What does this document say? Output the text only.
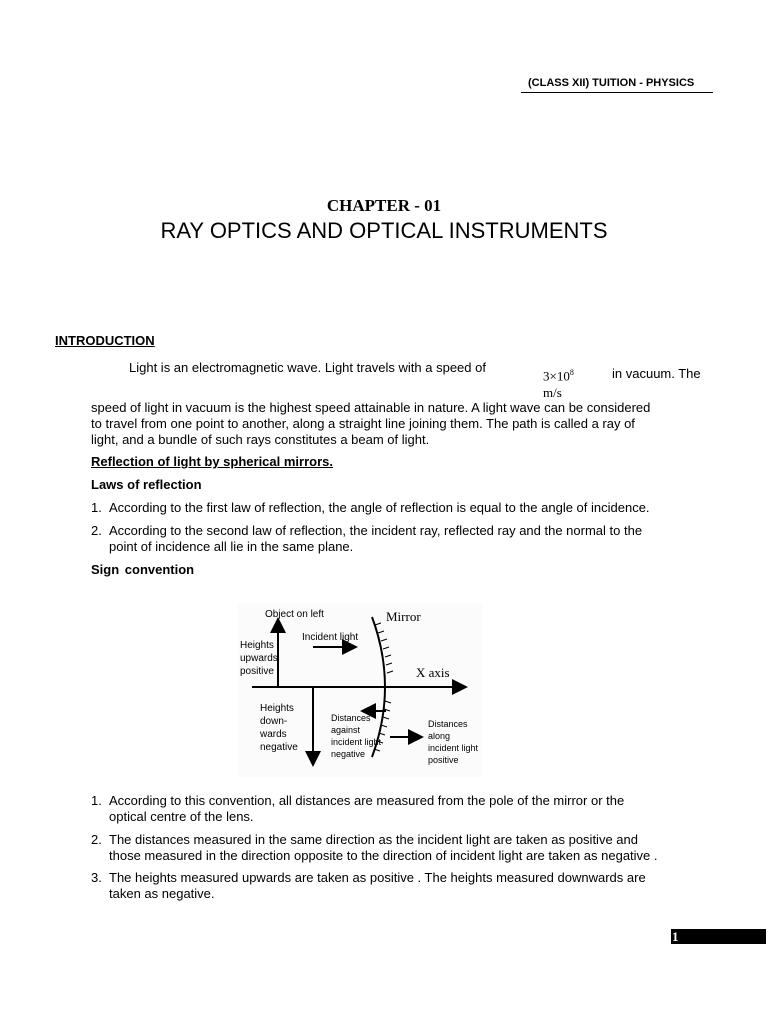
(CLASS XII) TUITION - PHYSICS
CHAPTER - 01
RAY OPTICS AND OPTICAL INSTRUMENTS
INTRODUCTION
Light is an electromagnetic wave. Light travels with a speed of
$3\times 10^8$
m/s
in vacuum. The
speed of light in vacuum is the highest speed attainable in nature. A light wave can be considered
to travel from one point to another, along a straight line joining them. The path is called a ray of
light, and a bundle of such rays constitutes a beam of light.
Reflection of light by spherical mirrors.
Laws of reflection
1. According to the first law of reflection, the angle of reflection is equal to the angle of incidence.
2. According to the second law of reflection, the incident ray, reflected ray and the normal to the
point of incidence all lie in the same plane.
Sign convention
Object on left
Incident light
Heights
upwards
positive
Heights
down-
wards
negative
Distances
against
incident light
negative
Distances
along
incident light
positive
Mirror
X axis
1. According to this convention, all distances are measured from the pole of the mirror or the
optical centre of the lens.
2. The distances measured in the same direction as the incident light are taken as positive and
those measured in the direction opposite to the direction of incident light are taken as negative .
3. The heights measured upwards are taken as positive . The heights measured downwards are
taken as negative.
1
